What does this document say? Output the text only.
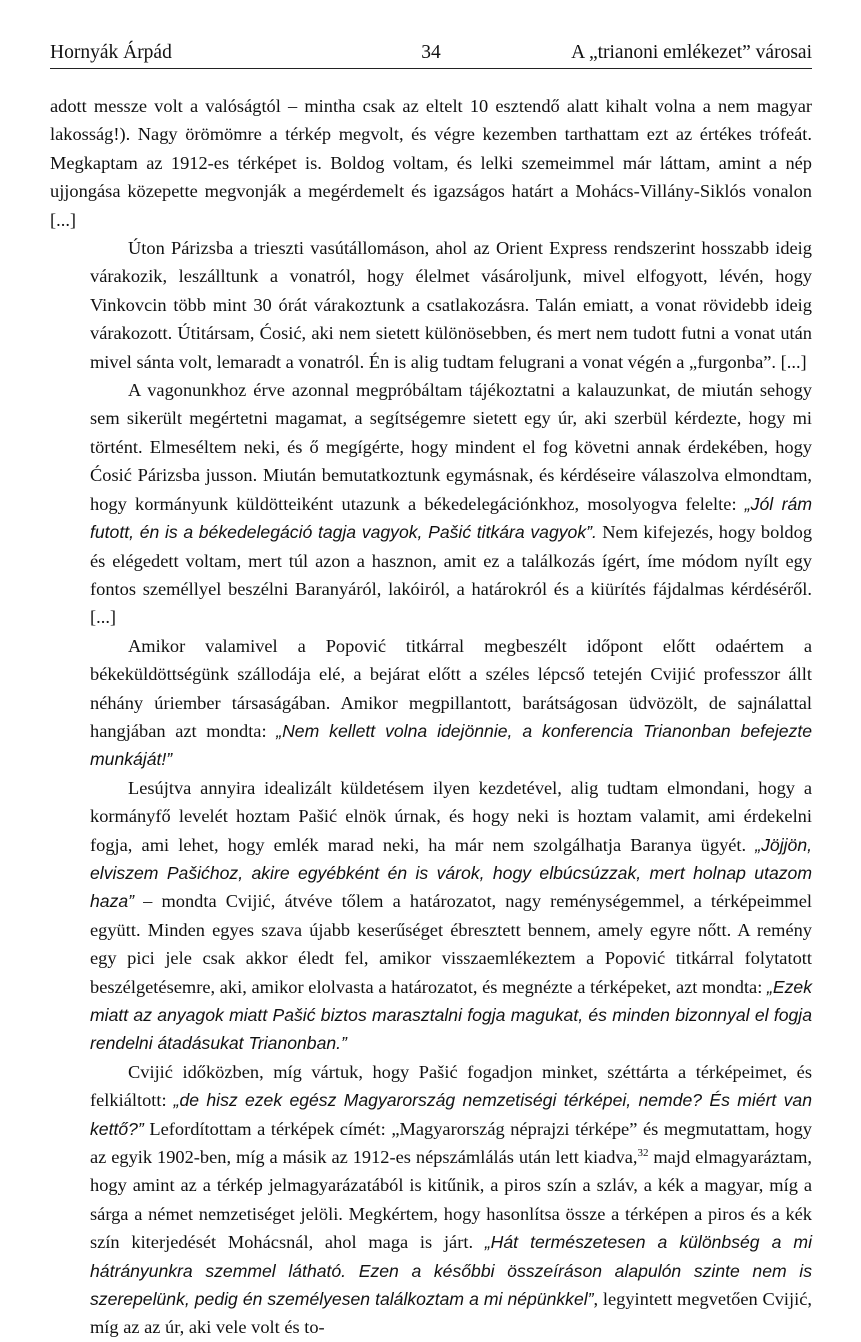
Hornyák Árpád	34	A „trianoni emlékezet” városai

adott messze volt a valóságtól – mintha csak az eltelt 10 esztendő alatt kihalt volna a nem magyar lakosság!). Nagy örömömre a térkép megvolt, és végre kezemben tarthattam ezt az értékes trófeát. Megkaptam az 1912-es térképet is. Boldog voltam, és lelki szemeimmel már láttam, amint a nép ujjongása közepette megvonják a megérdemelt és igazságos határt a Mohács-Villány-Siklós vonalon [...]

Úton Párizsba a trieszti vasútállomáson, ahol az Orient Express rendszerint hosszabb ideig várakozik, leszálltunk a vonatról, hogy élelmet vásároljunk, mivel elfogyott, lévén, hogy Vinkovcin több mint 30 órát várakoztunk a csatlakozásra. Talán emiatt, a vonat rövidebb ideig várakozott. Útitársam, Ćosić, aki nem sietett különösebben, és mert nem tudott futni a vonat után mivel sánta volt, lemaradt a vonatról. Én is alig tudtam felugrani a vonat végén a „furgonba”. [...]

A vagonunkhoz érve azonnal megpróbáltam tájékoztatni a kalauzunkat, de miután sehogy sem sikerült megértetni magamat, a segítségemre sietett egy úr, aki szerbül kérdezte, hogy mi történt. Elmeséltem neki, és ő megígérte, hogy mindent el fog követni annak érdekében, hogy Ćosić Párizsba jusson. Miután bemutatkoztunk egymásnak, és kérdéseire válaszolva elmondtam, hogy kormányunk küldötteiként utazunk a békedelegációnkhoz, mosolyogva felelte: „Jól rám futott, én is a békedelegáció tagja vagyok, Pašić titkára vagyok”. Nem kifejezés, hogy boldog és elégedett voltam, mert túl azon a hasznon, amit ez a találkozás ígért, íme módom nyílt egy fontos személlyel beszélni Baranyáról, lakóiról, a határokról és a kiürítés fájdalmas kérdéséről. [...]

Amikor valamivel a Popović titkárral megbeszélt időpont előtt odaértem a békeküldöttségünk szállodája elé, a bejárat előtt a széles lépcső tetején Cvijić professzor állt néhány úriember társaságában. Amikor megpillantott, barátságosan üdvözölt, de sajnálattal hangjában azt mondta: „Nem kellett volna idejönnie, a konferencia Trianonban befejezte munkáját!”

Lesújtva annyira idealizált küldetésem ilyen kezdetével, alig tudtam elmondani, hogy a kormányfő levelét hoztam Pašić elnök úrnak, és hogy neki is hoztam valamit, ami érdekelni fogja, ami lehet, hogy emlék marad neki, ha már nem szolgálhatja Baranya ügyét. „Jöjjön, elviszem Pašićhoz, akire egyébként én is várok, hogy elbúcsúzzak, mert holnap utazom haza” – mondta Cvijić, átvéve tőlem a határozatot, nagy reménységemmel, a térképeimmel együtt. Minden egyes szava újabb keserűséget ébresztett bennem, amely egyre nőtt. A remény egy pici jele csak akkor éledt fel, amikor visszaemlékeztem a Popović titkárral folytatott beszélgetésemre, aki, amikor elolvasta a határozatot, és megnézte a térképeket, azt mondta: „Ezek miatt az anyagok miatt Pašić biztos marasztalni fogja magukat, és minden bizonnyal el fogja rendelni átadásukat Trianonban.”

Cvijić időközben, míg vártuk, hogy Pašić fogadjon minket, széttárta a térképeimet, és felkiáltott: „de hisz ezek egész Magyarország nemzetiségi térképei, nemde? És miért van kettő?” Lefordítottam a térképek címét: „Magyarország néprajzi térképe” és megmutattam, hogy az egyik 1902-ben, míg a másik az 1912-es népszámlálás után lett kiadva,$^{32}$ majd elmagyaráztam, hogy amint az a térkép jelmagyarázatából is kitűnik, a piros szín a szláv, a kék a magyar, míg a sárga a német nemzetiséget jelöli. Megkértem, hogy hasonlítsa össze a térképen a piros és a kék szín kiterjedését Mohácsnál, ahol maga is járt. „Hát természetesen a különbség a mi hátrányunkra szemmel látható. Ezen a későbbi összeíráson alapulón szinte nem is szerepelünk, pedig én személyesen találkoztam a mi népünkkel”, legyintett megvetően Cvijić, míg az az úr, aki vele volt és to-
